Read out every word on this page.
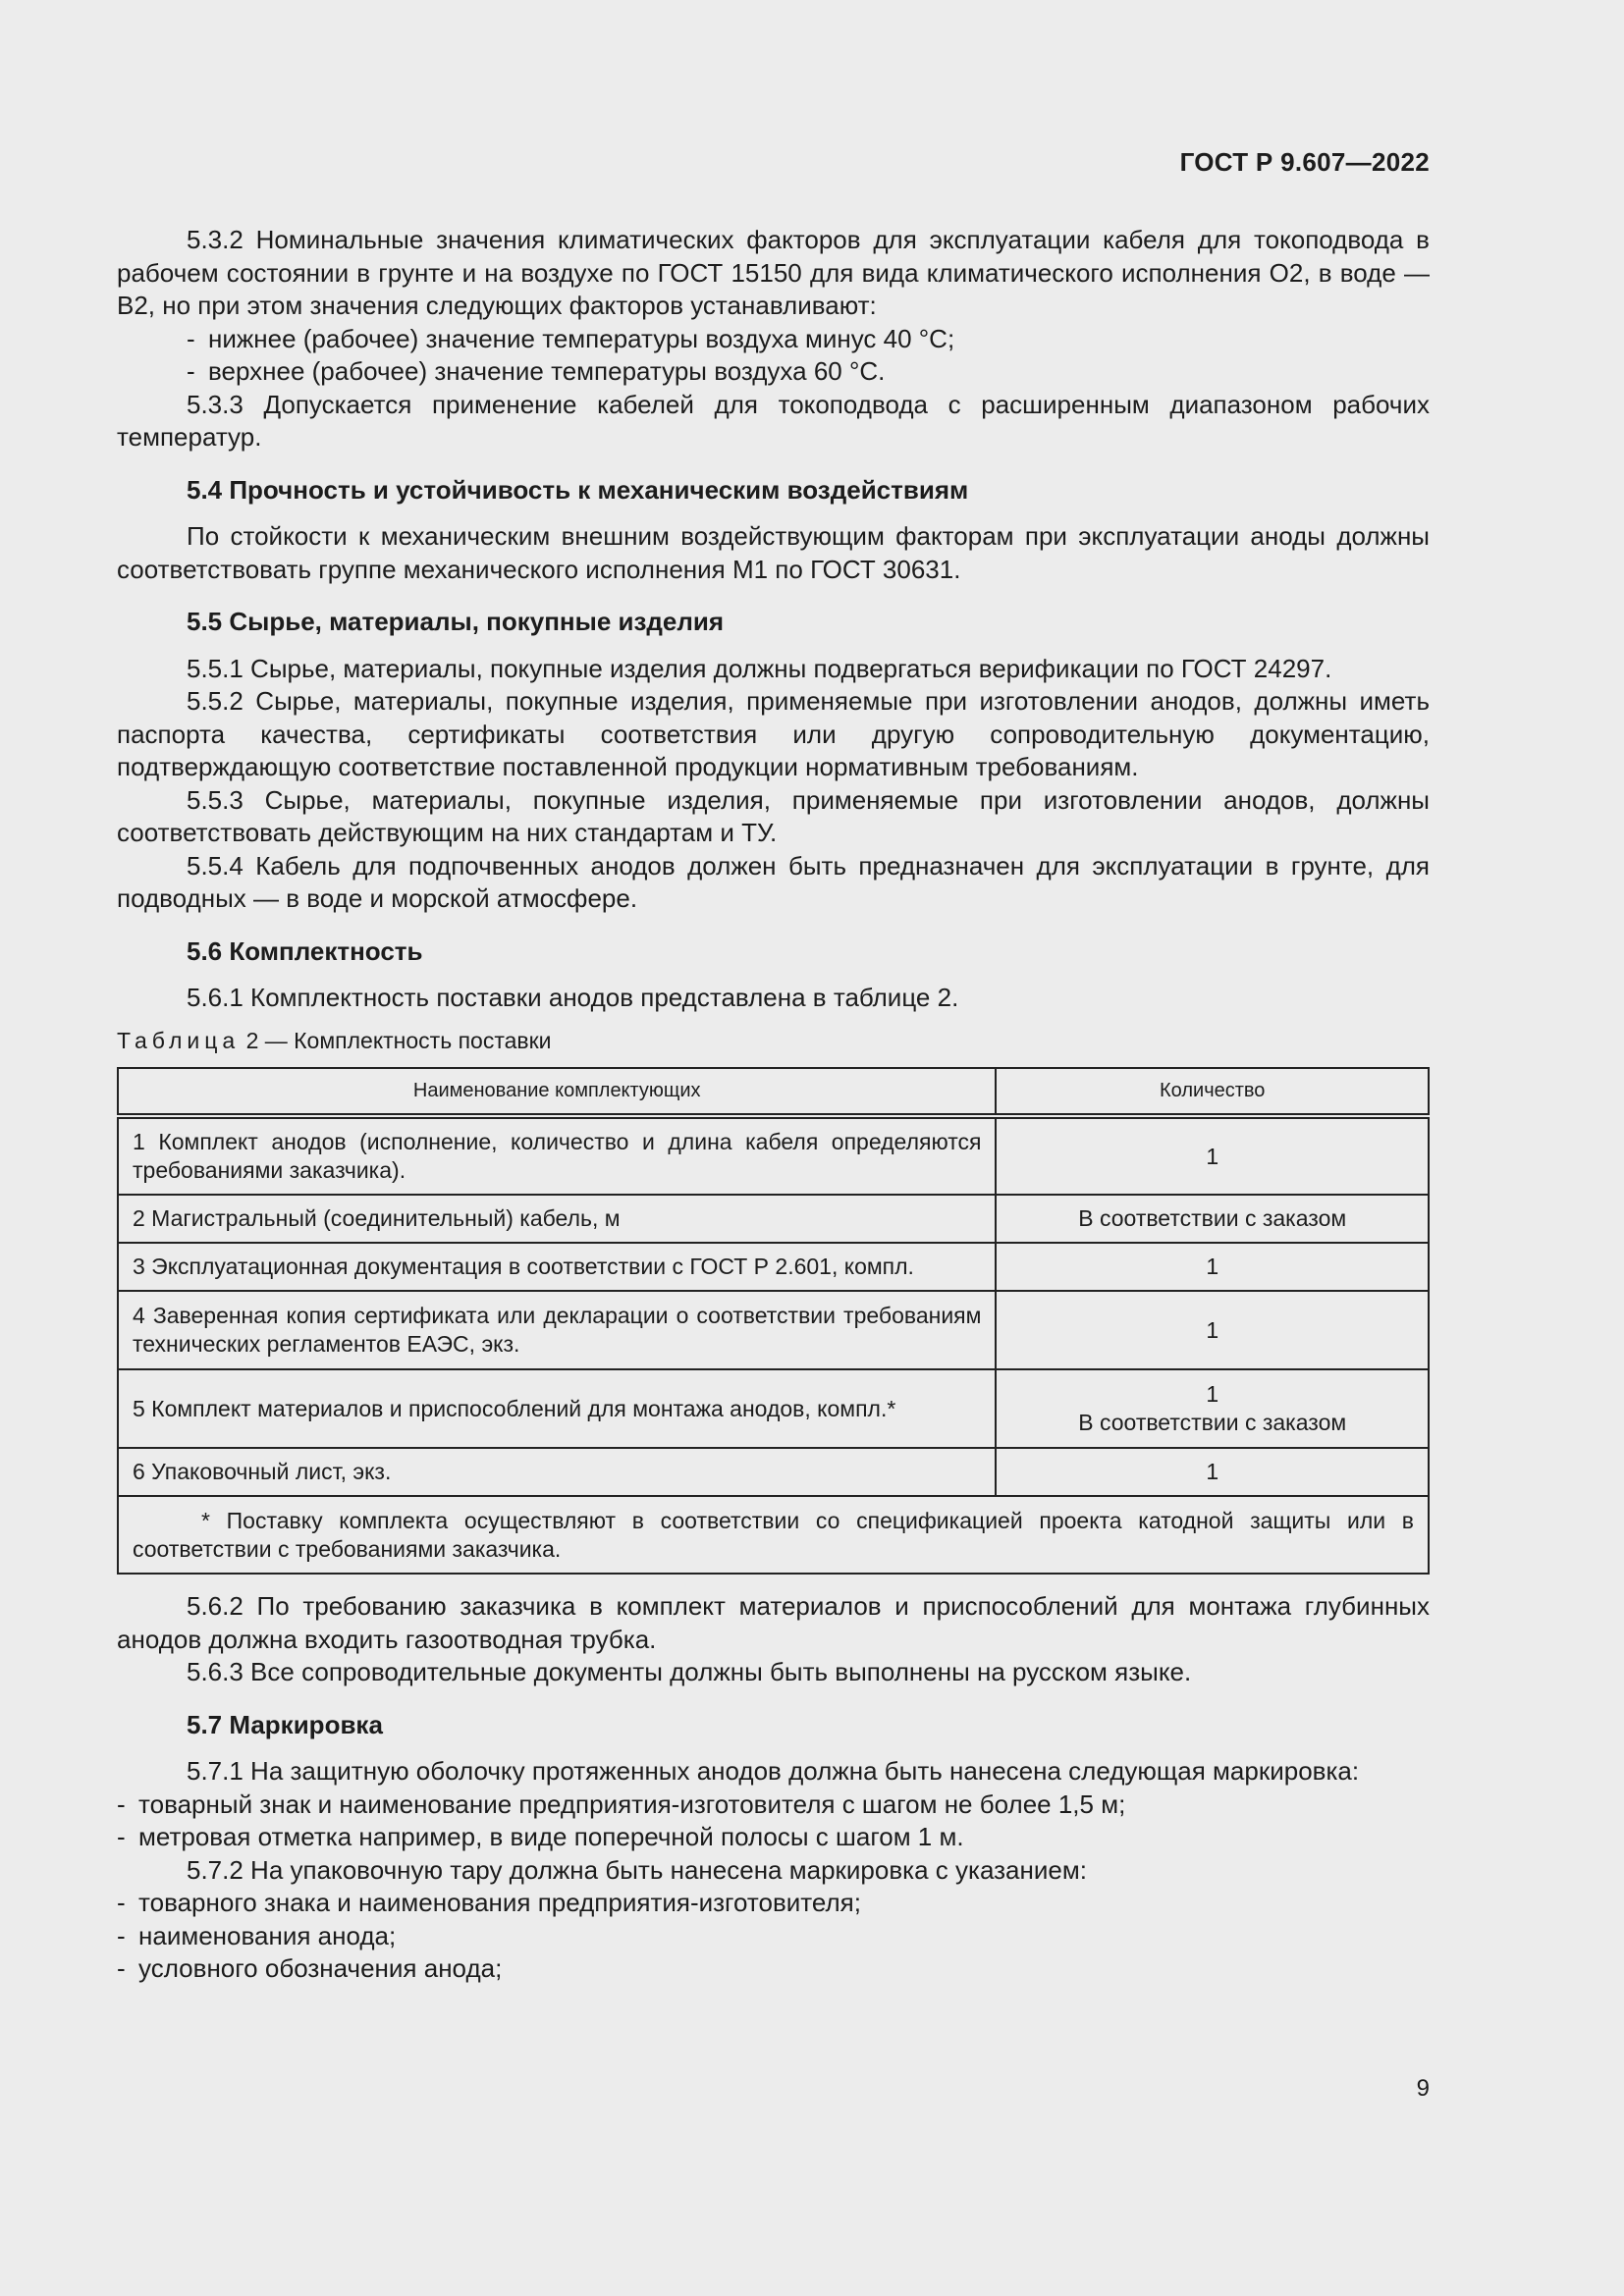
ГОСТ Р 9.607—2022

5.3.2 Номинальные значения климатических факторов для эксплуатации кабеля для токоподвода в рабочем состоянии в грунте и на воздухе по ГОСТ 15150 для вида климатического исполнения О2, в воде — В2, но при этом значения следующих факторов устанавливают:

- нижнее (рабочее) значение температуры воздуха минус 40 °С;

- верхнее (рабочее) значение температуры воздуха 60 °С.

5.3.3 Допускается применение кабелей для токоподвода с расширенным диапазоном рабочих температур.

5.4 Прочность и устойчивость к механическим воздействиям

По стойкости к механическим внешним воздействующим факторам при эксплуатации аноды должны соответствовать группе механического исполнения М1 по ГОСТ 30631.

5.5 Сырье, материалы, покупные изделия

5.5.1 Сырье, материалы, покупные изделия должны подвергаться верификации по ГОСТ 24297.

5.5.2 Сырье, материалы, покупные изделия, применяемые при изготовлении анодов, должны иметь паспорта качества, сертификаты соответствия или другую сопроводительную документацию, подтверждающую соответствие поставленной продукции нормативным требованиям.

5.5.3 Сырье, материалы, покупные изделия, применяемые при изготовлении анодов, должны соответствовать действующим на них стандартам и ТУ.

5.5.4 Кабель для подпочвенных анодов должен быть предназначен для эксплуатации в грунте, для подводных — в воде и морской атмосфере.

5.6 Комплектность

5.6.1 Комплектность поставки анодов представлена в таблице 2.

Таблица 2 — Комплектность поставки
Наименование комплектующих	Количество
1 Комплект анодов (исполнение, количество и длина кабеля определяются требованиями заказчика).	1
2 Магистральный (соединительный) кабель, м	В соответствии с заказом
3 Эксплуатационная документация в соответствии с ГОСТ Р 2.601, компл.	1
4 Заверенная копия сертификата или декларации о соответствии требованиям технических регламентов ЕАЭС, экз.	1
5 Комплект материалов и приспособлений для монтажа анодов, компл.*	1
В соответствии с заказом

6 Упаковочный лист, экз.	1
* Поставку комплекта осуществляют в соответствии со спецификацией проекта катодной защиты или в соответствии с требованиями заказчика.	

5.6.2 По требованию заказчика в комплект материалов и приспособлений для монтажа глубинных анодов должна входить газоотводная трубка.

5.6.3 Все сопроводительные документы должны быть выполнены на русском языке.

5.7 Маркировка

5.7.1 На защитную оболочку протяженных анодов должна быть нанесена следующая маркировка:

- товарный знак и наименование предприятия-изготовителя с шагом не более 1,5 м;

- метровая отметка например, в виде поперечной полосы с шагом 1 м.

5.7.2 На упаковочную тару должна быть нанесена маркировка с указанием:

- товарного знака и наименования предприятия-изготовителя;

- наименования анода;

- условного обозначения анода;

9
